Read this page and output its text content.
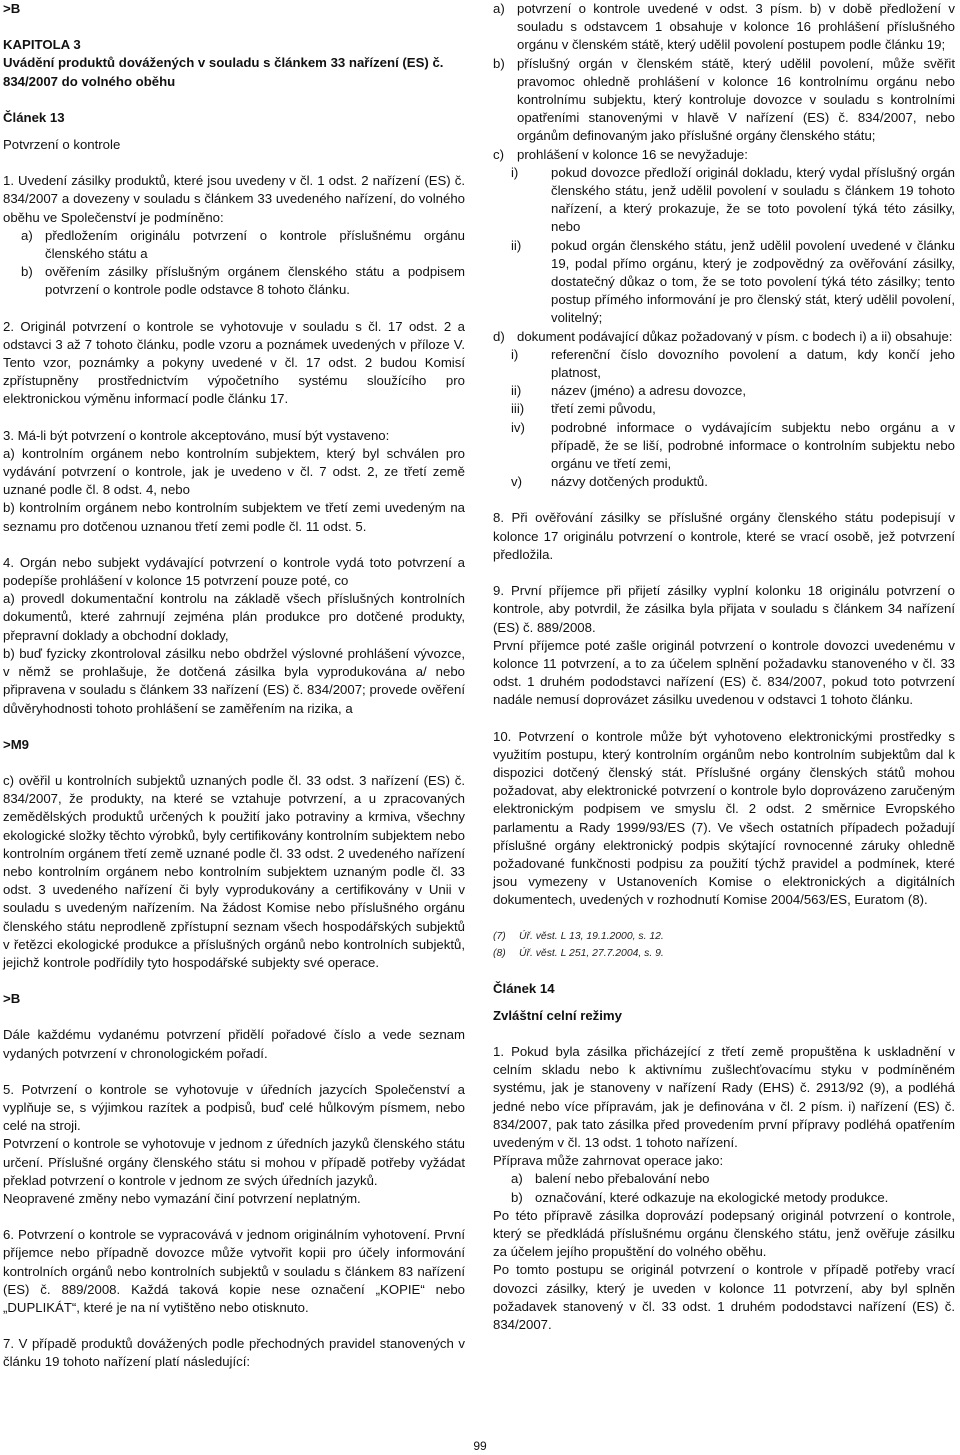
>B

KAPITOLA 3

Uvádění produktů dovážených v souladu s článkem 33 nařízení (ES) č. 834/2007 do volného oběhu

Článek 13

Potvrzení o kontrole

1. Uvedení zásilky produktů, které jsou uvedeny v čl. 1 odst. 2 nařízení (ES) č. 834/2007 a dovezeny v souladu s článkem 33 uvedeného nařízení, do volného oběhu ve Společenství je podmíněno:

a) předložením originálu potvrzení o kontrole příslušnému orgánu členského státu a
b) ověřením zásilky příslušným orgánem členského státu a podpisem potvrzení o kontrole podle odstavce 8 tohoto článku.

2. Originál potvrzení o kontrole se vyhotovuje v souladu s čl. 17 odst. 2 a odstavci 3 až 7 tohoto článku, podle vzoru a poznámek uvedených v příloze V. Tento vzor, poznámky a pokyny uvedené v čl. 17 odst. 2 budou Komisí zpřístupněny prostřednictvím výpočetního systému sloužícího pro elektronickou výměnu informací podle článku 17.

3. Má-li být potvrzení o kontrole akceptováno, musí být vystaveno:

a) kontrolním orgánem nebo kontrolním subjektem, který byl schválen pro vydávání potvrzení o kontrole, jak je uvedeno v čl. 7 odst. 2, ze třetí země uznané podle čl. 8 odst. 4, nebo

b) kontrolním orgánem nebo kontrolním subjektem ve třetí zemi uvedeným na seznamu pro dotčenou uznanou třetí zemi podle čl. 11 odst. 5.

4. Orgán nebo subjekt vydávající potvrzení o kontrole vydá toto potvrzení a podepíše prohlášení v kolonce 15 potvrzení pouze poté, co

a) provedl dokumentační kontrolu na základě všech příslušných kontrolních dokumentů, které zahrnují zejména plán produkce pro dotčené produkty, přepravní doklady a obchodní doklady,

b) buď fyzicky zkontroloval zásilku nebo obdržel výslovné prohlášení vývozce, v němž se prohlašuje, že dotčená zásilka byla vyprodukována a/ nebo připravena v souladu s článkem 33 nařízení (ES) č. 834/2007; provede ověření důvěryhodnosti tohoto prohlášení se zaměřením na rizika, a

>M9

c) ověřil u kontrolních subjektů uznaných podle čl. 33 odst. 3 nařízení (ES) č. 834/2007, že produkty, na které se vztahuje potvrzení, a u zpracovaných zemědělských produktů určených k použití jako potraviny a krmiva, všechny ekologické složky těchto výrobků, byly certifikovány kontrolním subjektem nebo kontrolním orgánem třetí země uznané podle čl. 33 odst. 2 uvedeného nařízení nebo kontrolním orgánem nebo kontrolním subjektem uznaným podle čl. 33 odst. 3 uvedeného nařízení či byly vyprodukovány a certifikovány v Unii v souladu s uvedeným nařízením. Na žádost Komise nebo příslušného orgánu členského státu neprodleně zpřístupní seznam všech hospodářských subjektů v řetězci ekologické produkce a příslušných orgánů nebo kontrolních subjektů, jejichž kontrole podřídily tyto hospodářské subjekty své operace.

>B

Dále každému vydanému potvrzení přidělí pořadové číslo a vede seznam vydaných potvrzení v chronologickém pořadí.

5. Potvrzení o kontrole se vyhotovuje v úředních jazycích Společenství a vyplňuje se, s výjimkou razítek a podpisů, buď celé hůlkovým písmem, nebo celé na stroji.

Potvrzení o kontrole se vyhotovuje v jednom z úředních jazyků členského státu určení. Příslušné orgány členského státu si mohou v případě potřeby vyžádat překlad potvrzení o kontrole v jednom ze svých úředních jazyků.

Neopravené změny nebo vymazání činí potvrzení neplatným.

6. Potvrzení o kontrole se vypracovává v jednom originálním vyhotovení. První příjemce nebo případně dovozce může vytvořit kopii pro účely informování kontrolních orgánů nebo kontrolních subjektů v souladu s článkem 83 nařízení (ES) č. 889/2008. Každá taková kopie nese označení „KOPIE“ nebo „DUPLIKÁT“, které je na ní vytištěno nebo otisknuto.

7. V případě produktů dovážených podle přechodných pravidel stanovených v článku 19 tohoto nařízení platí následující:

a) potvrzení o kontrole uvedené v odst. 3 písm. b) v době předložení v souladu s odstavcem 1 obsahuje v kolonce 16 prohlášení příslušného orgánu v členském státě, který udělil povolení postupem podle článku 19;
b) příslušný orgán v členském státě, který udělil povolení, může svěřit pravomoc ohledně prohlášení v kolonce 16 kontrolnímu orgánu nebo kontrolnímu subjektu, který kontroluje dovozce v souladu s kontrolními opatřeními stanovenými v hlavě V nařízení (ES) č. 834/2007, nebo orgánům definovaným jako příslušné orgány členského státu;
c) prohlášení v kolonce 16 se nevyžaduje:
i)	pokud dovozce předloží originál dokladu, který vydal příslušný orgán členského státu, jenž udělil povolení v souladu s článkem 19 tohoto nařízení, a který prokazuje, že se toto povolení týká této zásilky, nebo
ii)	pokud orgán členského státu, jenž udělil povolení uvedené v článku 19, podal přímo orgánu, který je zodpovědný za ověřování zásilky, dostatečný důkaz o tom, že se toto povolení týká této zásilky; tento postup přímého informování je pro členský stát, který udělil povolení, volitelný;
d) dokument podávající důkaz požadovaný v písm. c bodech i) a ii) obsahuje:
i)	referenční číslo dovozního povolení a datum, kdy končí jeho platnost,
ii)	název (jméno) a adresu dovozce,
iii)	třetí zemi původu,
iv)	podrobné informace o vydávajícím subjektu nebo orgánu a v případě, že se liší, podrobné informace o kontrolním subjektu nebo orgánu ve třetí zemi,
v)	názvy dotčených produktů.

8. Při ověřování zásilky se příslušné orgány členského státu podepisují v kolonce 17 originálu potvrzení o kontrole, které se vrací osobě, jež potvrzení předložila.

9. První příjemce při přijetí zásilky vyplní kolonku 18 originálu potvrzení o kontrole, aby potvrdil, že zásilka byla přijata v souladu s článkem 34 nařízení (ES) č. 889/2008.

První příjemce poté zašle originál potvrzení o kontrole dovozci uvedenému v kolonce 11 potvrzení, a to za účelem splnění požadavku stanoveného v čl. 33 odst. 1 druhém pododstavci nařízení (ES) č. 834/2007, pokud toto potvrzení nadále nemusí doprovázet zásilku uvedenou v odstavci 1 tohoto článku.

10. Potvrzení o kontrole může být vyhotoveno elektronickými prostředky s využitím postupu, který kontrolním orgánům nebo kontrolním subjektům dal k dispozici dotčený členský stát. Příslušné orgány členských států mohou požadovat, aby elektronické potvrzení o kontrole bylo doprovázeno zaručeným elektronickým podpisem ve smyslu čl. 2 odst. 2 směrnice Evropského parlamentu a Rady 1999/93/ES (7). Ve všech ostatních případech požadují příslušné orgány elektronický podpis skýtající rovnocenné záruky ohledně požadované funkčnosti podpisu za použití týchž pravidel a podmínek, které jsou vymezeny v Ustanoveních Komise o elektronických a digitálních dokumentech, uvedených v rozhodnutí Komise 2004/563/ES, Euratom (8).

(7)	Úř. věst. L 13, 19.1.2000, s. 12.
(8)	Úř. věst. L 251, 27.7.2004, s. 9.

Článek 14

Zvláštní celní režimy

1. Pokud byla zásilka přicházející z třetí země propuštěna k uskladnění v celním skladu nebo k aktivnímu zušlechťovacímu styku v podmíněném systému, jak je stanoveny v nařízení Rady (EHS) č. 2913/92 (9), a podléhá jedné nebo více přípravám, jak je definována v čl. 2 písm. i) nařízení (ES) č. 834/2007, pak tato zásilka před provedením první přípravy podléhá opatřením uvedeným v čl. 13 odst. 1 tohoto nařízení.

Příprava může zahrnovat operace jako:

a) balení nebo přebalování nebo
b) označování, které odkazuje na ekologické metody produkce.

Po této přípravě zásilka doprovází podepsaný originál potvrzení o kontrole, který se předkládá příslušnému orgánu členského státu, jenž ověřuje zásilku za účelem jejího propuštění do volného oběhu.

Po tomto postupu se originál potvrzení o kontrole v případě potřeby vrací dovozci zásilky, který je uveden v kolonce 11 potvrzení, aby byl splněn požadavek stanovený v čl. 33 odst. 1 druhém pododstavci nařízení (ES) č. 834/2007.

99
